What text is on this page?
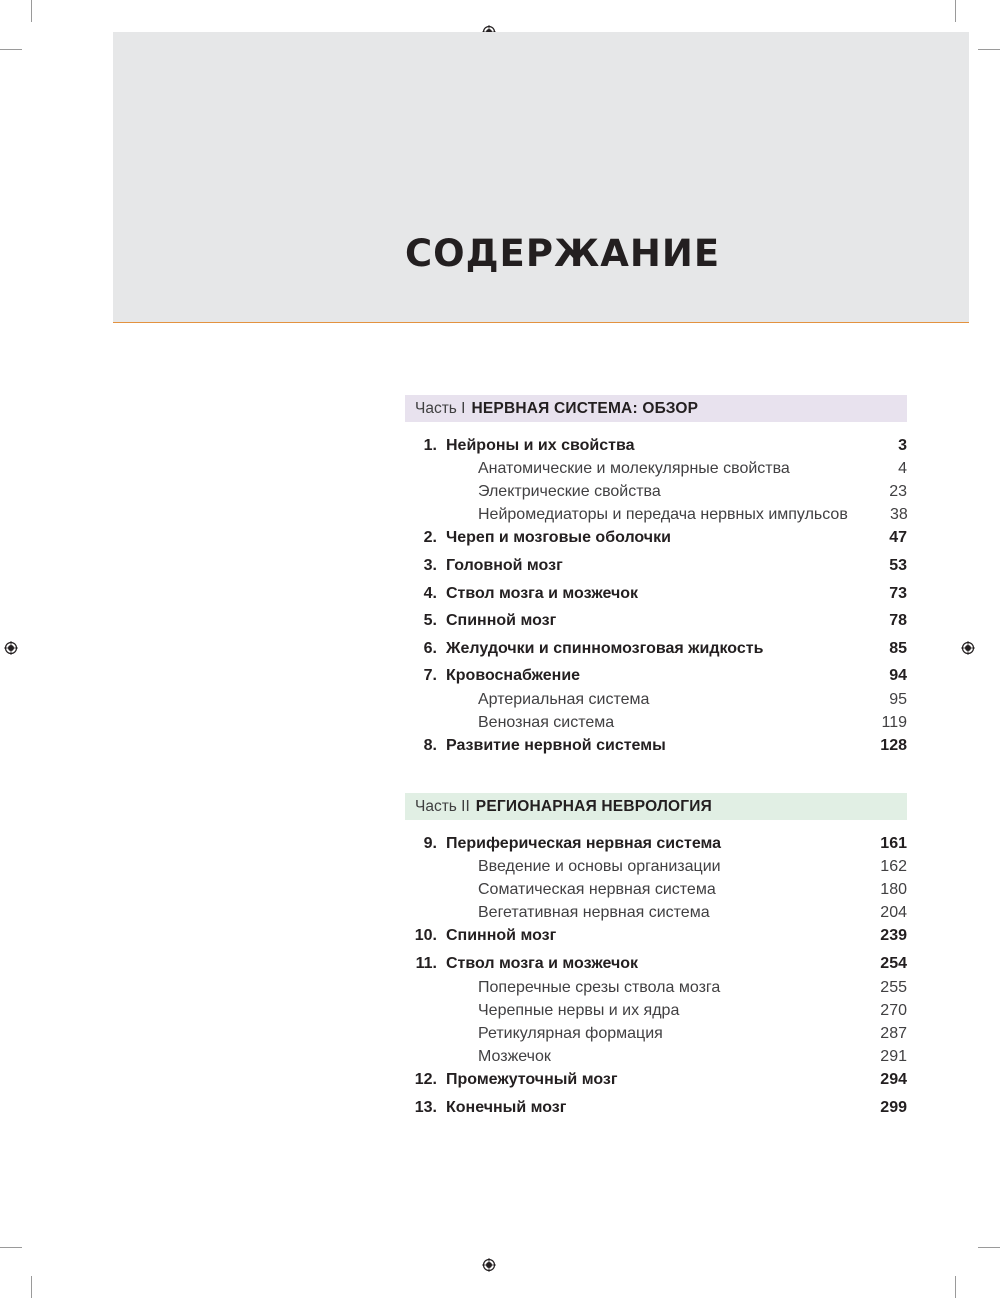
СОДЕРЖАНИЕ
Часть I НЕРВНАЯ СИСТЕМА: ОБЗОР
1. Нейроны и их свойства	3
Анатомические и молекулярные свойства	4
Электрические свойства	23
Нейромедиаторы и передача нервных импульсов	38
2. Череп и мозговые оболочки	47
3. Головной мозг	53
4. Ствол мозга и мозжечок	73
5. Спинной мозг	78
6. Желудочки и спинномозговая жидкость	85
7. Кровоснабжение	94
Артериальная система	95
Венозная система	119
8. Развитие нервной системы	128
Часть II РЕГИОНАРНАЯ НЕВРОЛОГИЯ
9. Периферическая нервная система	161
Введение и основы организации	162
Соматическая нервная система	180
Вегетативная нервная система	204
10. Спинной мозг	239
11. Ствол мозга и мозжечок	254
Поперечные срезы ствола мозга	255
Черепные нервы и их ядра	270
Ретикулярная формация	287
Мозжечок	291
12. Промежуточный мозг	294
13. Конечный мозг	299
